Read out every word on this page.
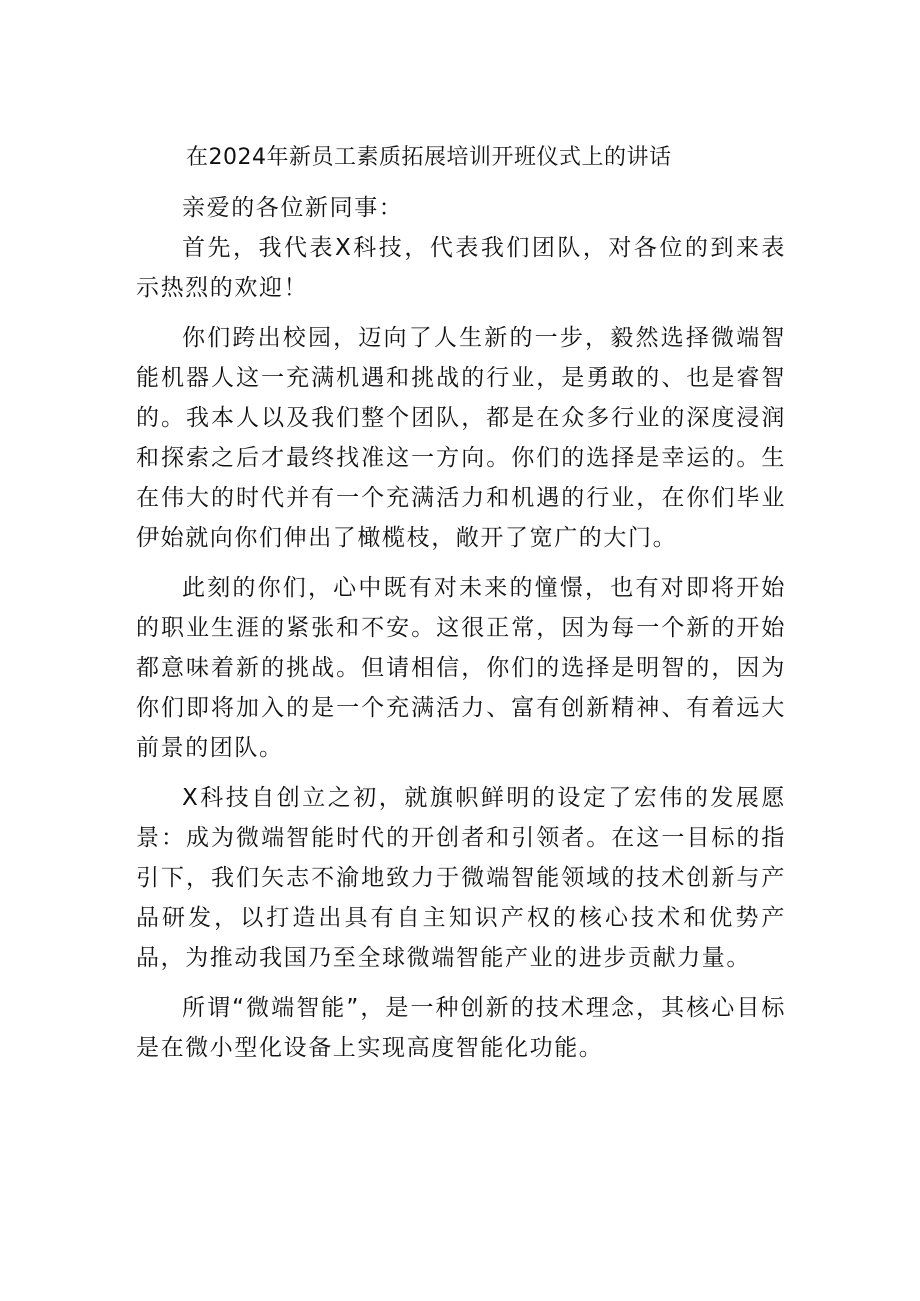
在2024年新员工素质拓展培训开班仪式上的讲话

亲爱的各位新同事：

首先，我代表X科技，代表我们团队，对各位的到来表示热烈的欢迎！

你们跨出校园，迈向了人生新的一步，毅然选择微端智能机器人这一充满机遇和挑战的行业，是勇敢的、也是睿智的。我本人以及我们整个团队，都是在众多行业的深度浸润和探索之后才最终找准这一方向。你们的选择是幸运的。生在伟大的时代并有一个充满活力和机遇的行业，在你们毕业伊始就向你们伸出了橄榄枝，敞开了宽广的大门。

此刻的你们，心中既有对未来的憧憬，也有对即将开始的职业生涯的紧张和不安。这很正常，因为每一个新的开始都意味着新的挑战。但请相信，你们的选择是明智的，因为你们即将加入的是一个充满活力、富有创新精神、有着远大前景的团队。

X科技自创立之初，就旗帜鲜明的设定了宏伟的发展愿景：成为微端智能时代的开创者和引领者。在这一目标的指引下，我们矢志不渝地致力于微端智能领域的技术创新与产品研发，以打造出具有自主知识产权的核心技术和优势产品，为推动我国乃至全球微端智能产业的进步贡献力量。

所谓“微端智能”，是一种创新的技术理念，其核心目标是在微小型化设备上实现高度智能化功能。
